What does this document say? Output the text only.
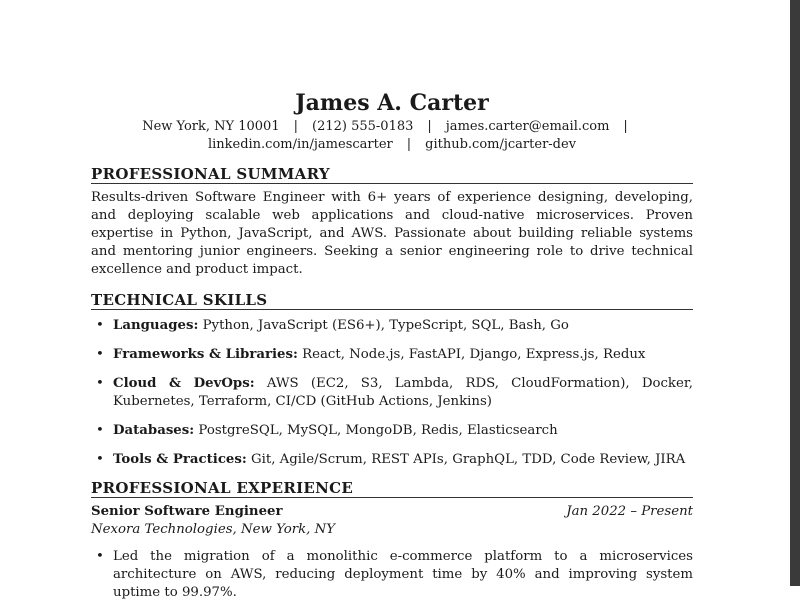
James A. Carter
New York, NY 10001 | (212) 555-0183 | james.carter@email.com |
linkedin.com/in/jamescarter | github.com/jcarter-dev
PROFESSIONAL SUMMARY

Results-driven Software Engineer with 6+ years of experience designing, developing, and deploying scalable web applications and cloud-native microservices. Proven expertise in Python, JavaScript, and AWS. Passionate about building reliable systems and mentoring junior engineers. Seeking a senior engineering role to drive technical excellence and product impact.

TECHNICAL SKILLS
• Languages: Python, JavaScript (ES6+), TypeScript, SQL, Bash, Go
• Frameworks & Libraries: React, Node.js, FastAPI, Django, Express.js, Redux
• Cloud & DevOps: AWS (EC2, S3, Lambda, RDS, CloudFormation), Docker, Kubernetes, Terraform, CI/CD (GitHub Actions, Jenkins)
• Databases: PostgreSQL, MySQL, MongoDB, Redis, Elasticsearch
• Tools & Practices: Git, Agile/Scrum, REST APIs, GraphQL, TDD, Code Review, JIRA
PROFESSIONAL EXPERIENCE
Senior Software Engineer	Jan 2022 – Present
Nexora Technologies, New York, NY
• Led the migration of a monolithic e-commerce platform to a microservices architecture on AWS, reducing deployment time by 40% and improving system uptime to 99.97%.
